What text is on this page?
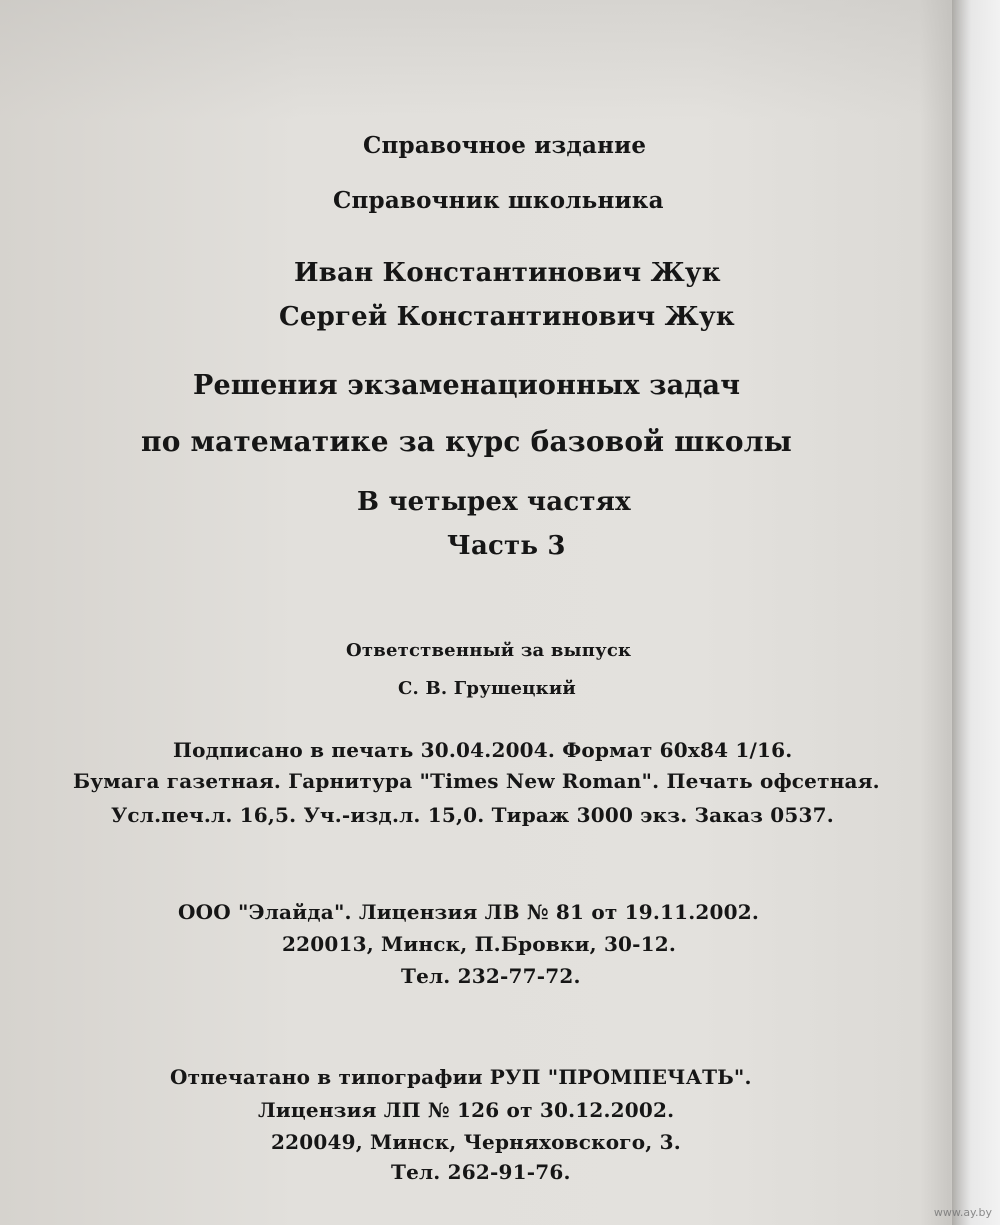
Справочное издание
Справочник школьника
Иван Константинович Жук
Сергей Константинович Жук
Решения экзаменационных задач
по математике за курс базовой школы
В четырех частях
Часть 3
Ответственный за выпуск
С. В. Грушецкий
Подписано в печать 30.04.2004. Формат 60х84 1/16.
Бумага газетная. Гарнитура "Times New Roman". Печать офсетная.
Усл.печ.л. 16,5. Уч.-изд.л. 15,0. Тираж 3000 экз. Заказ 0537.
ООО "Элайда". Лицензия ЛВ № 81 от 19.11.2002.
220013, Минск, П.Бровки, 30-12.
Тел. 232-77-72.
Отпечатано в типографии РУП "ПРОМПЕЧАТЬ".
Лицензия ЛП № 126 от 30.12.2002.
220049, Минск, Черняховского, 3.
Тел. 262-91-76.
www.ay.by
